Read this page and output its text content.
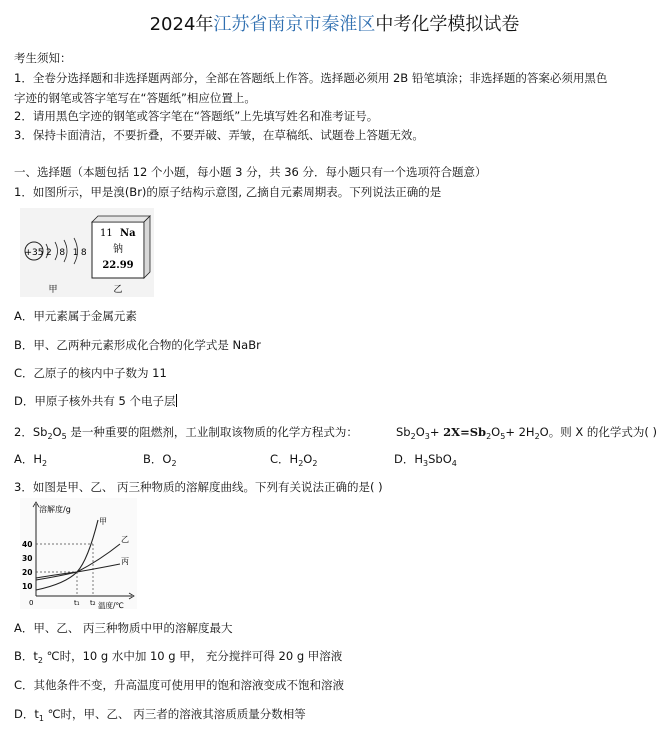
2024年江苏省南京市秦淮区中考化学模拟试卷
考生须知：
1．全卷分选择题和非选择题两部分，全部在答题纸上作答。选择题必须用 2B 铅笔填涂；非选择题的答案必须用黑色
字迹的钢笔或答字笔写在“答题纸”相应位置上。
2．请用黑色字迹的钢笔或答字笔在“答题纸”上先填写姓名和准考证号。
3．保持卡面清洁，不要折叠，不要弄破、弄皱，在草稿纸、试题卷上答题无效。
一、选择题（本题包括 12 个小题，每小题 3 分，共 36 分．每小题只有一个选项符合题意）
1．如图所示，甲是溴(Br)的原子结构示意图, 乙摘自元素周期表。下列说法正确的是
+35 2 8 18
11 Na
钠
22.99
甲	乙
A．甲元素属于金属元素
B．甲、乙两种元素形成化合物的化学式是 NaBr
C．乙原子的核内中子数为 11
D．甲原子核外共有 5 个电子层
2．$Sb_2O_5$ 是一种重要的阻燃剂，工业制取该物质的化学方程式为：	$Sb_2O_3+ 2X=Sb_2O_5+ 2H_2O$。则 X 的化学式为( )
A．$H_2$	B．$O_2$	C．$H_2O_2$	D．$H_3SbO_4$
3．如图是甲、乙、 丙三种物质的溶解度曲线。下列有关说法正确的是( )
溶解度/g
温度/℃
40
30
20
10
0	t₁ t₂
甲
乙
丙
A．甲、乙、 丙三种物质中甲的溶解度最大
B．$t_2$ ℃时，10 g 水中加 10 g 甲， 充分搅拌可得 20 g 甲溶液
C．其他条件不变，升高温度可使用甲的饱和溶液变成不饱和溶液
D．$t_1$ ℃时，甲、乙、 丙三者的溶液其溶质质量分数相等
